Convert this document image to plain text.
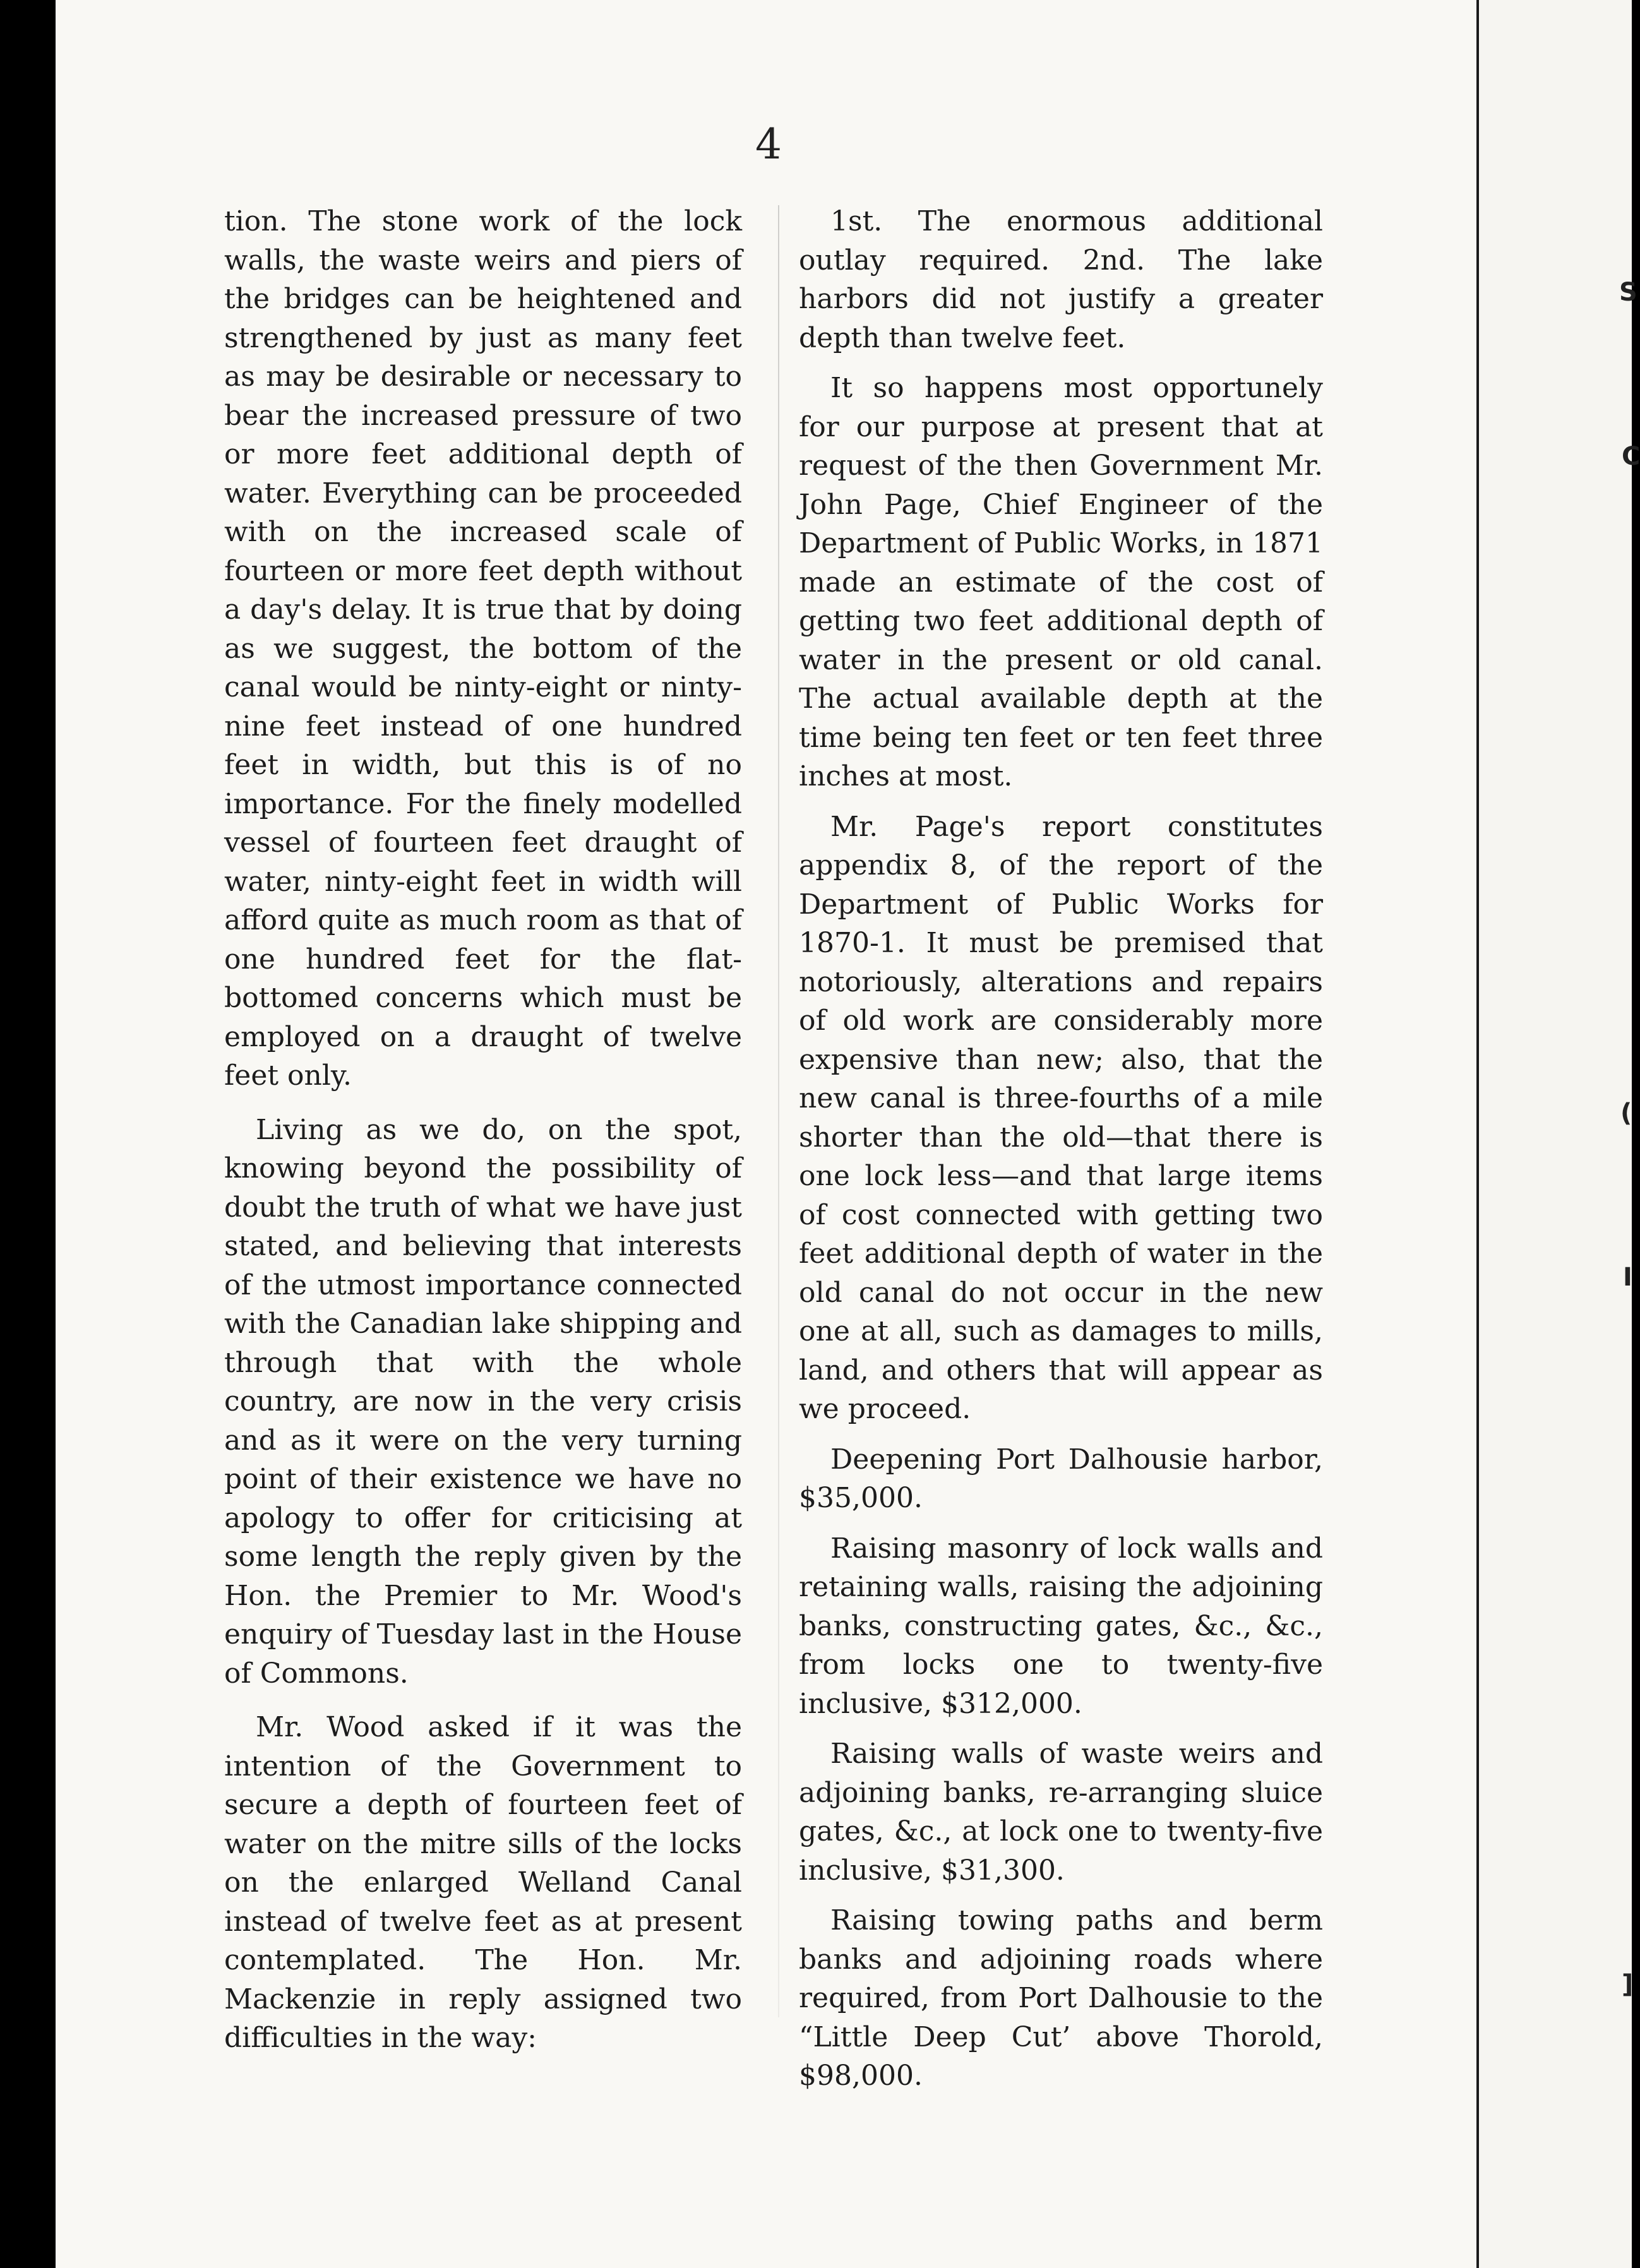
S
C
(
I
]
4

tion. The stone work of the lock walls, the waste weirs and piers of the bridges can be heightened and strengthened by just as many feet as may be desirable or necessary to bear the increased pressure of two or more feet additional depth of water. Everything can be proceeded with on the increased scale of fourteen or more feet depth without a day's delay. It is true that by doing as we suggest, the bottom of the canal would be ninty-eight or ninty-nine feet instead of one hundred feet in width, but this is of no importance. For the finely modelled vessel of fourteen feet draught of water, ninty-eight feet in width will afford quite as much room as that of one hundred feet for the flat-bottomed concerns which must be employed on a draught of twelve feet only.

Living as we do, on the spot, knowing beyond the possibility of doubt the truth of what we have just stated, and believing that interests of the utmost importance connected with the Canadian lake shipping and through that with the whole country, are now in the very crisis and as it were on the very turning point of their existence we have no apology to offer for criticising at some length the reply given by the Hon. the Premier to Mr. Wood's enquiry of Tuesday last in the House of Commons.

Mr. Wood asked if it was the intention of the Government to secure a depth of fourteen feet of water on the mitre sills of the locks on the enlarged Welland Canal instead of twelve feet as at present contemplated. The Hon. Mr. Mackenzie in reply assigned two difficulties in the way:

1st. The enormous additional outlay required. 2nd. The lake harbors did not justify a greater depth than twelve feet.

It so happens most opportunely for our purpose at present that at request of the then Government Mr. John Page, Chief Engineer of the Department of Public Works, in 1871 made an estimate of the cost of getting two feet additional depth of water in the present or old canal. The actual available depth at the time being ten feet or ten feet three inches at most.

Mr. Page's report constitutes appendix 8, of the report of the Department of Public Works for 1870-1. It must be premised that notoriously, alterations and repairs of old work are considerably more expensive than new; also, that the new canal is three-fourths of a mile shorter than the old—that there is one lock less—and that large items of cost connected with getting two feet additional depth of water in the old canal do not occur in the new one at all, such as damages to mills, land, and others that will appear as we proceed.

Deepening Port Dalhousie harbor, $35,000.

Raising masonry of lock walls and retaining walls, raising the adjoining banks, constructing gates, &c., &c., from locks one to twenty-five inclusive, $312,000.

Raising walls of waste weirs and adjoining banks, re-arranging sluice gates, &c., at lock one to twenty-five inclusive, $31,300.

Raising towing paths and berm banks and adjoining roads where required, from Port Dalhousie to the “Little Deep Cut’ above Thorold, $98,000.
